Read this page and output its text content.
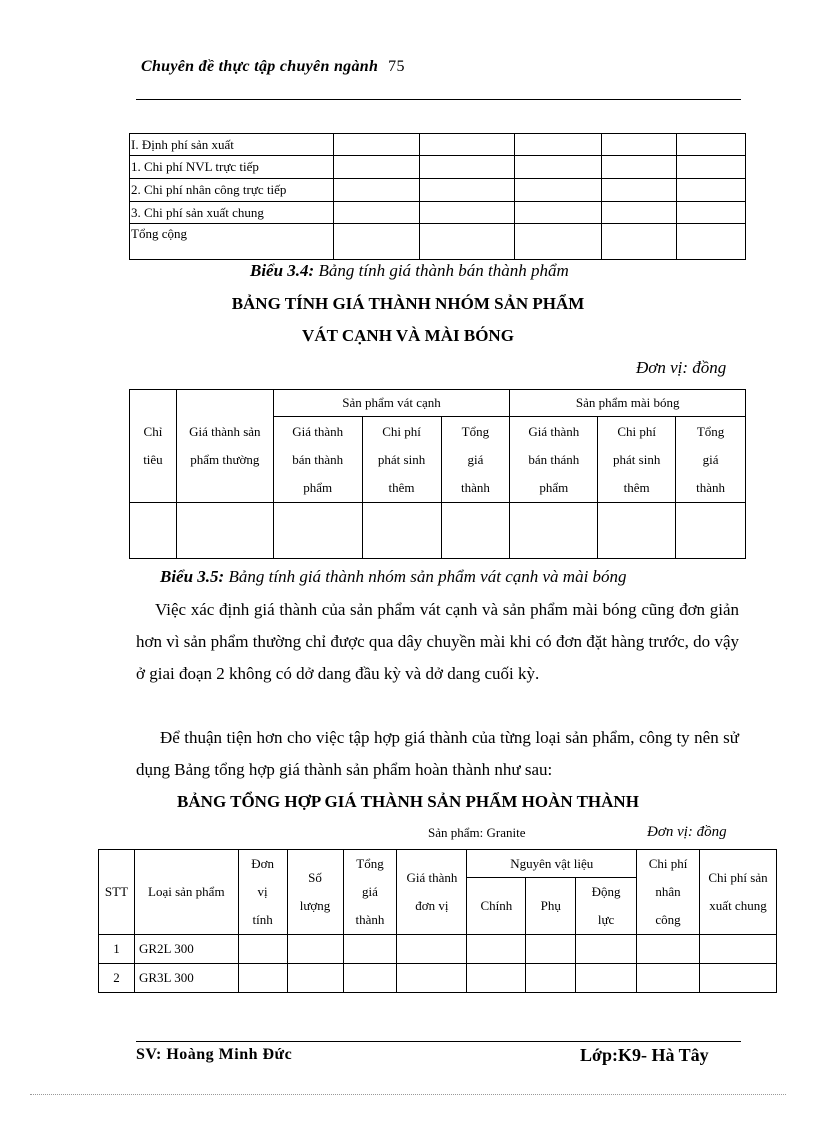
Chuyên đề thực tập chuyên ngành 75
I. Định phí sản xuất					
1. Chi phí NVL trực tiếp					
2. Chi phí nhân công trực tiếp					
3. Chi phí sản xuất chung					
Tổng cộng					
Biểu 3.4: Bảng tính giá thành bán thành phẩm
BẢNG TÍNH GIÁ THÀNH NHÓM SẢN PHẨM
VÁT CẠNH VÀ MÀI BÓNG
Đơn vị: đồng
Chỉ tiêu	Giá thành sản phẩm thường	Sản phẩm vát cạnh			Sản phẩm mài bóng		

		Giá thành bán thành phẩm	Chi phí phát sinh thêm	Tổng giá thành	Giá thành bán thánh phẩm	Chi phí phát sinh thêm	Tổng giá thành

Biểu 3.5: Bảng tính giá thành nhóm sản phẩm vát cạnh và mài bóng
Việc xác định giá thành của sản phẩm vát cạnh và sản phẩm mài bóng cũng đơn giản hơn vì sản phẩm thường chỉ được qua dây chuyền mài khi có đơn đặt hàng trước, do vậy ở giai đoạn 2 không có dở dang đầu kỳ và dở dang cuối kỳ.
Để thuận tiện hơn cho việc tập hợp giá thành của từng loại sản phẩm, công ty nên sử dụng Bảng tổng hợp giá thành sản phẩm hoàn thành như sau:
BẢNG TỔNG HỢP GIÁ THÀNH SẢN PHẨM HOÀN THÀNH
Sản phẩm: Granite	Đơn vị: đồng
STT	Loại sản phẩm	Đơn vị tính	Số lượng	Tổng giá thành	Giá thành đơn vị	Nguyên vật liệu			Chi phí nhân công	Chi phí sản xuất chung

						Chính	Phụ	Động lực		

1	GR2L 300									
2	GR3L 300									
SV: Hoàng Minh Đức	Lớp:K9- Hà Tây
